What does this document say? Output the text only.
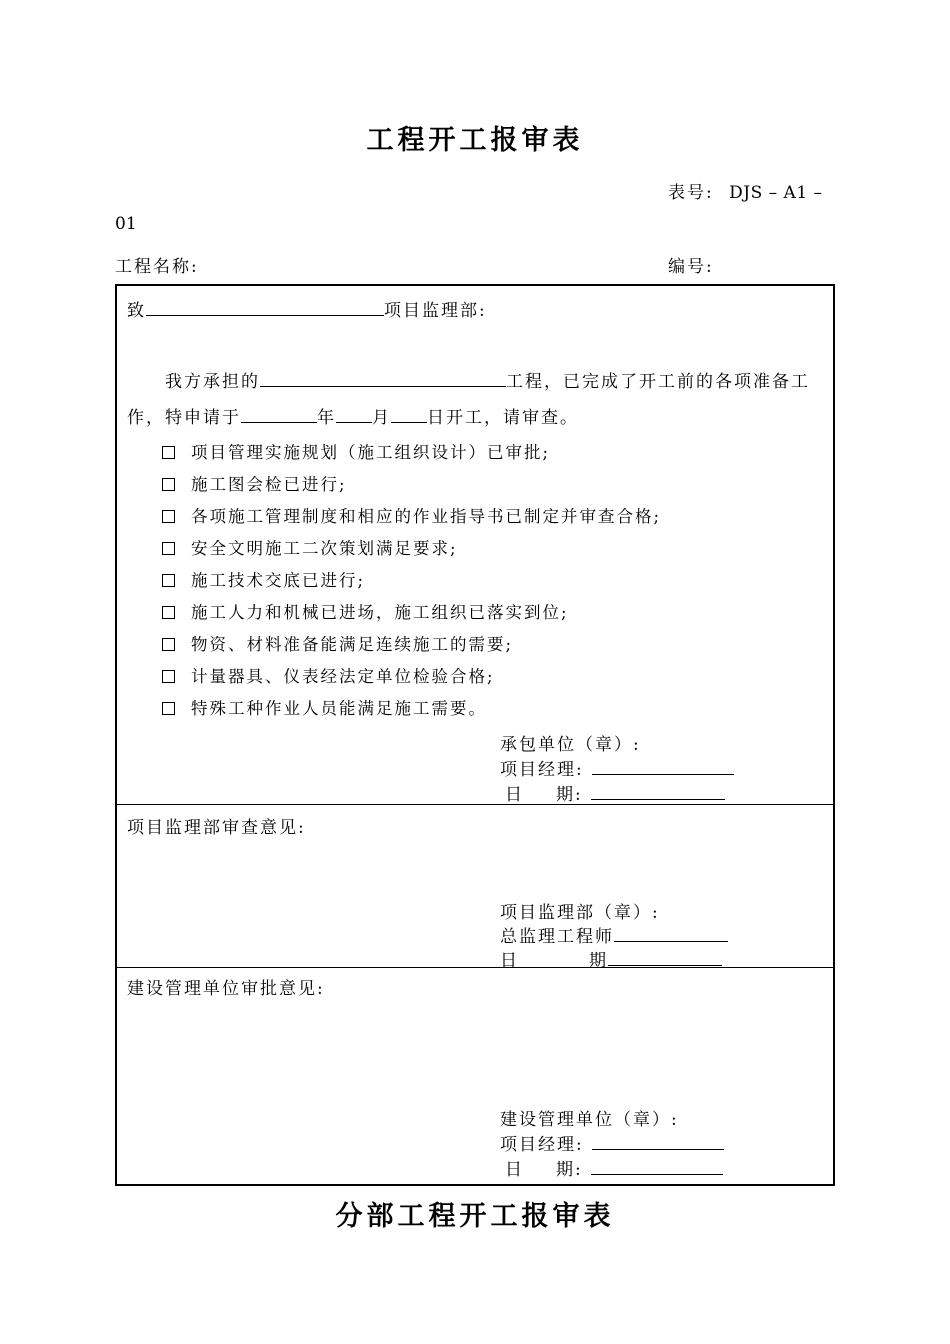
工程开工报审表
表号: DJS – A1 –
01
工程名称:	编号:
致	项目监理部:
我方承担的	工程，已完成了开工前的各项准备工
作，特申请于	年 月 日开工，请审查。
项目管理实施规划（施工组织设计）已审批;
施工图会检已进行;
各项施工管理制度和相应的作业指导书已制定并审查合格;
安全文明施工二次策划满足要求;
施工技术交底已进行;
施工人力和机械已进场，施工组织已落实到位;
物资、材料准备能满足连续施工的需要;
计量器具、仪表经法定单位检验合格;
特殊工种作业人员能满足施工需要。
承包单位（章）:
项目经理:
日 期:
项目监理部审查意见:
项目监理部（章）:
总监理工程师
日	期
建设管理单位审批意见:
建设管理单位（章）:
项目经理:
日 期:
分部工程开工报审表
